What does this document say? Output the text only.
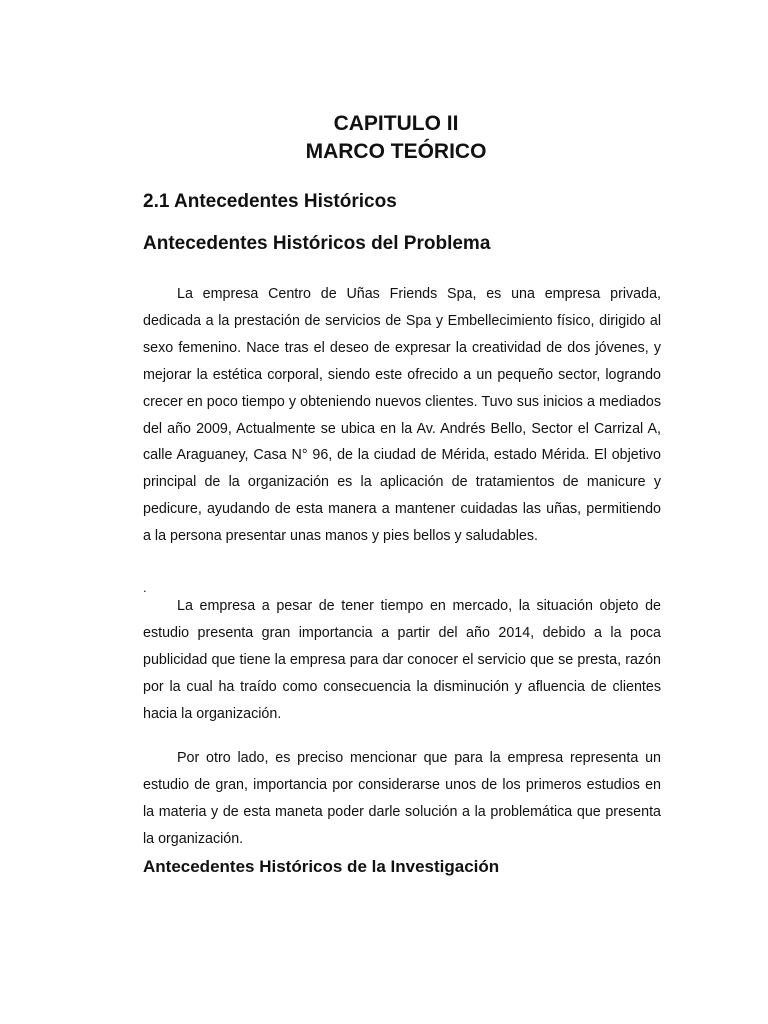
CAPITULO II
MARCO TEÓRICO
2.1 Antecedentes Históricos
Antecedentes Históricos del Problema

La empresa Centro de Uñas Friends Spa, es una empresa privada, dedicada a la prestación de servicios de Spa y Embellecimiento físico, dirigido al sexo femenino. Nace tras el deseo de expresar la creatividad de dos jóvenes, y mejorar la estética corporal, siendo este ofrecido a un pequeño sector, logrando crecer en poco tiempo y obteniendo nuevos clientes. Tuvo sus inicios a mediados del año 2009, Actualmente se ubica en la Av. Andrés Bello, Sector el Carrizal A, calle Araguaney, Casa N° 96, de la ciudad de Mérida, estado Mérida. El objetivo principal de la organización es la aplicación de tratamientos de manicure y pedicure, ayudando de esta manera a mantener cuidadas las uñas, permitiendo a la persona presentar unas manos y pies bellos y saludables.

.

La empresa a pesar de tener tiempo en mercado, la situación objeto de estudio presenta gran importancia a partir del año 2014, debido a la poca publicidad que tiene la empresa para dar conocer el servicio que se presta, razón por la cual ha traído como consecuencia la disminución y afluencia de clientes hacia la organización.

Por otro lado, es preciso mencionar que para la empresa representa un estudio de gran, importancia por considerarse unos de los primeros estudios en la materia y de esta maneta poder darle solución a la problemática que presenta la organización.

Antecedentes Históricos de la Investigación
